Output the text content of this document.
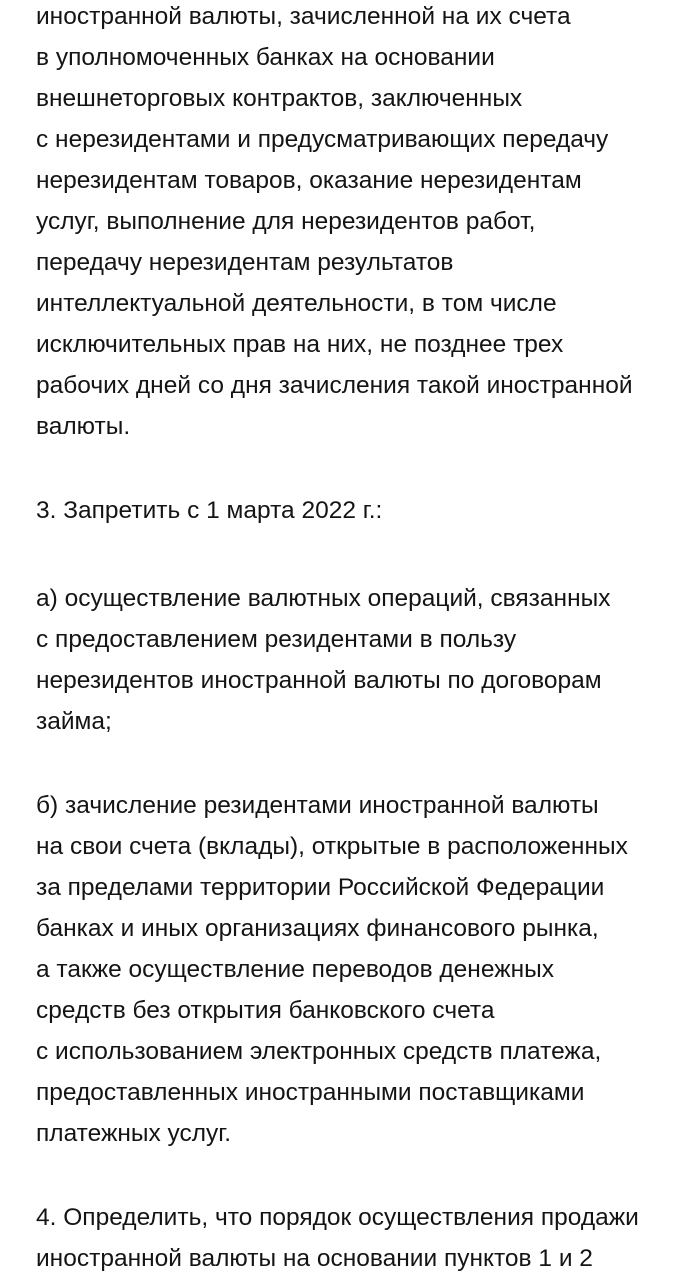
иностранной валюты, зачисленной на их счета
в уполномоченных банках на основании
внешнеторговых контрактов, заключенных
с нерезидентами и предусматривающих передачу
нерезидентам товаров, оказание нерезидентам
услуг, выполнение для нерезидентов работ,
передачу нерезидентам результатов
интеллектуальной деятельности, в том числе
исключительных прав на них, не позднее трех
рабочих дней со дня зачисления такой иностранной
валюты.
3. Запретить с 1 марта 2022 г.:
а) осуществление валютных операций, связанных
с предоставлением резидентами в пользу
нерезидентов иностранной валюты по договорам
займа;
б) зачисление резидентами иностранной валюты
на свои счета (вклады), открытые в расположенных
за пределами территории Российской Федерации
банках и иных организациях финансового рынка,
а также осуществление переводов денежных
средств без открытия банковского счета
с использованием электронных средств платежа,
предоставленных иностранными поставщиками
платежных услуг.
4. Определить, что порядок осуществления продажи
иностранной валюты на основании пунктов 1 и 2
